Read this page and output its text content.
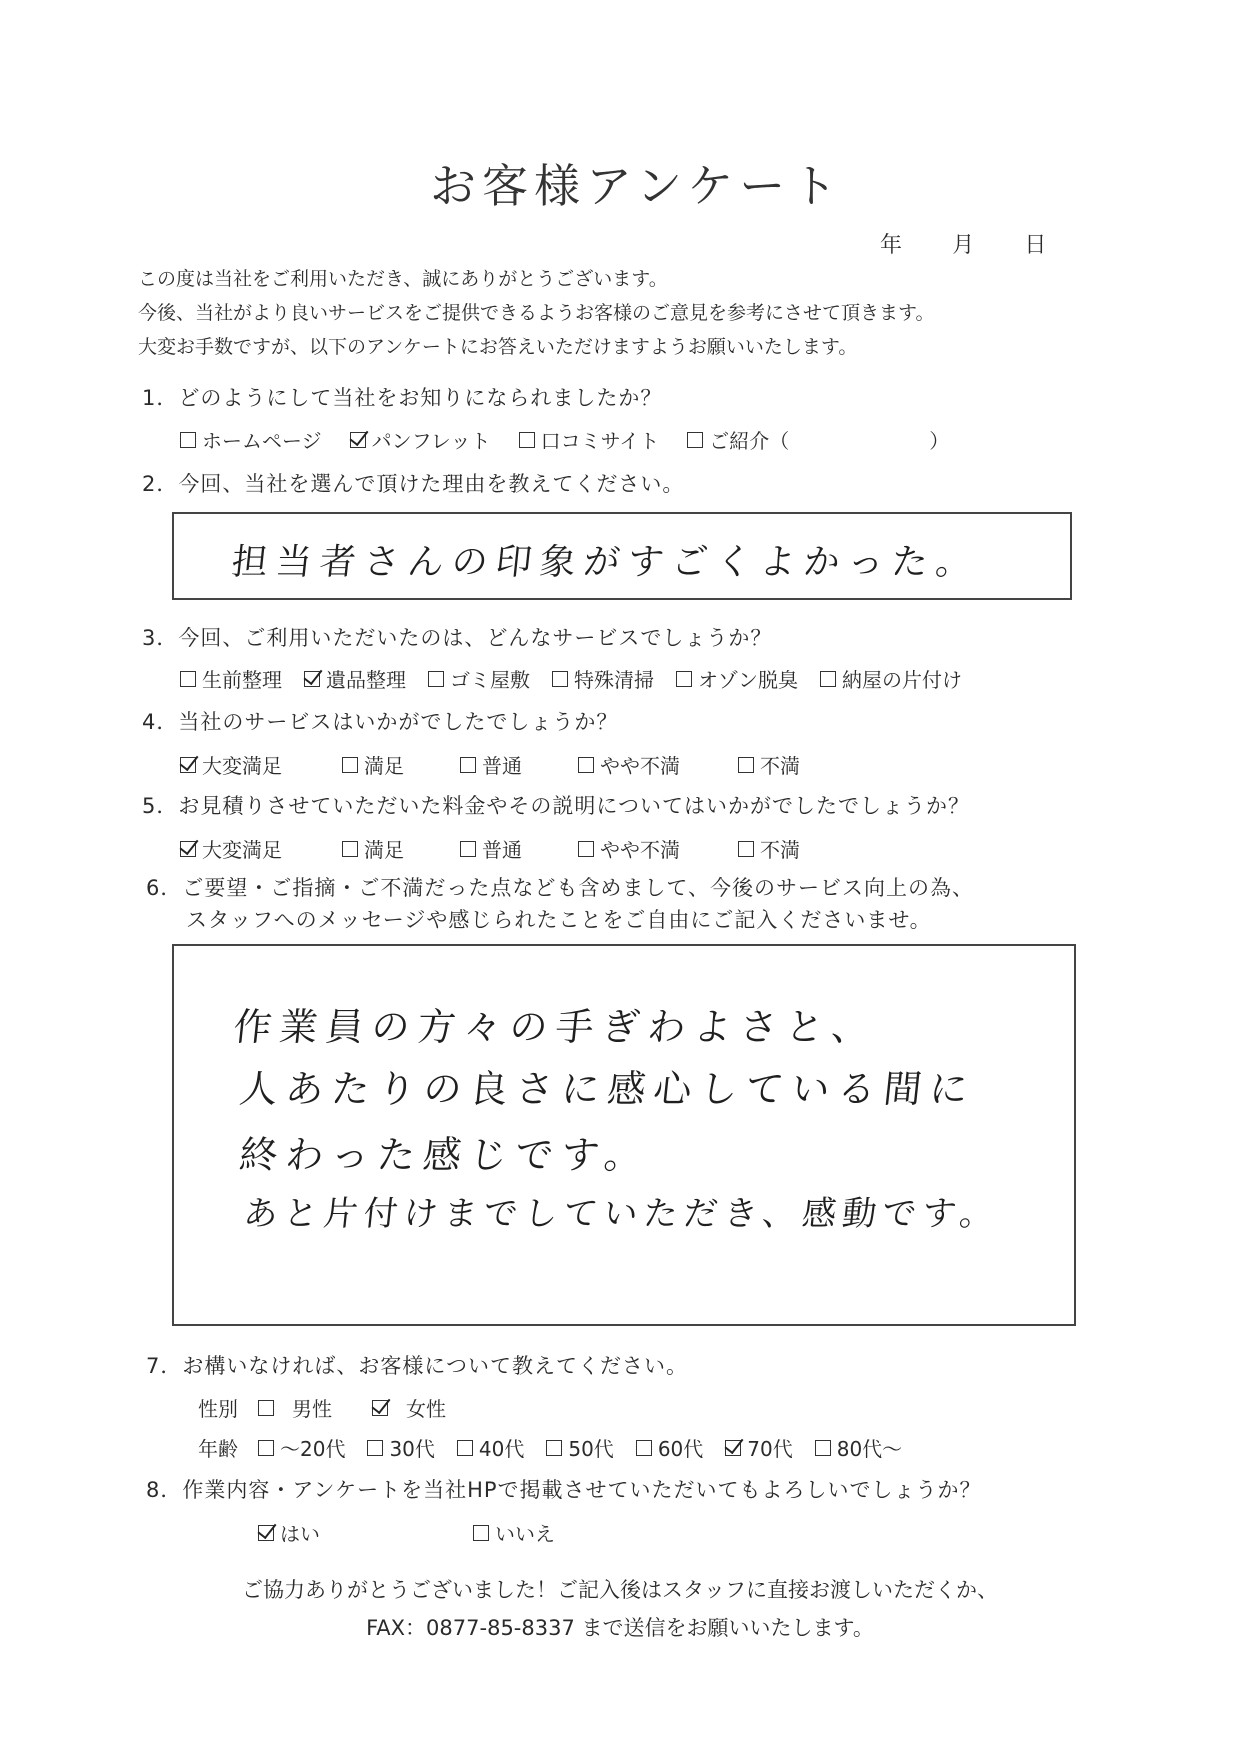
お客様アンケート
年 月 日
この度は当社をご利用いただき、誠にありがとうございます。
今後、当社がより良いサービスをご提供できるようお客様のご意見を参考にさせて頂きます。
大変お手数ですが、以下のアンケートにお答えいただけますようお願いいたします。
1．どのようにして当社をお知りになられましたか？
ホームページ	パンフレット	口コミサイト	ご紹介（	）
2．今回、当社を選んで頂けた理由を教えてください。
担当者さんの印象がすごくよかった。
3．今回、ご利用いただいたのは、どんなサービスでしょうか？
生前整理 遺品整理 ゴミ屋敷 特殊清掃 オゾン脱臭 納屋の片付け
4．当社のサービスはいかがでしたでしょうか？
大変満足	満足	普通	やや不満	不満
5．お見積りさせていただいた料金やその説明についてはいかがでしたでしょうか？
大変満足	満足	普通	やや不満	不満
6．ご要望・ご指摘・ご不満だった点なども含めまして、今後のサービス向上の為、
スタッフへのメッセージや感じられたことをご自由にご記入くださいませ。
作業員の方々の手ぎわよさと、
人あたりの良さに感心している間に
終わった感じです。
あと片付けまでしていただき、感動です。
7．お構いなければ、お客様について教えてください。
性別	男性	女性
年齢 ～20代 30代 40代 50代 60代 70代 80代～
8．作業内容・アンケートを当社HPで掲載させていただいてもよろしいでしょうか？
はい	いいえ
ご協力ありがとうございました！ご記入後はスタッフに直接お渡しいただくか、
FAX：0877-85-8337 まで送信をお願いいたします。
